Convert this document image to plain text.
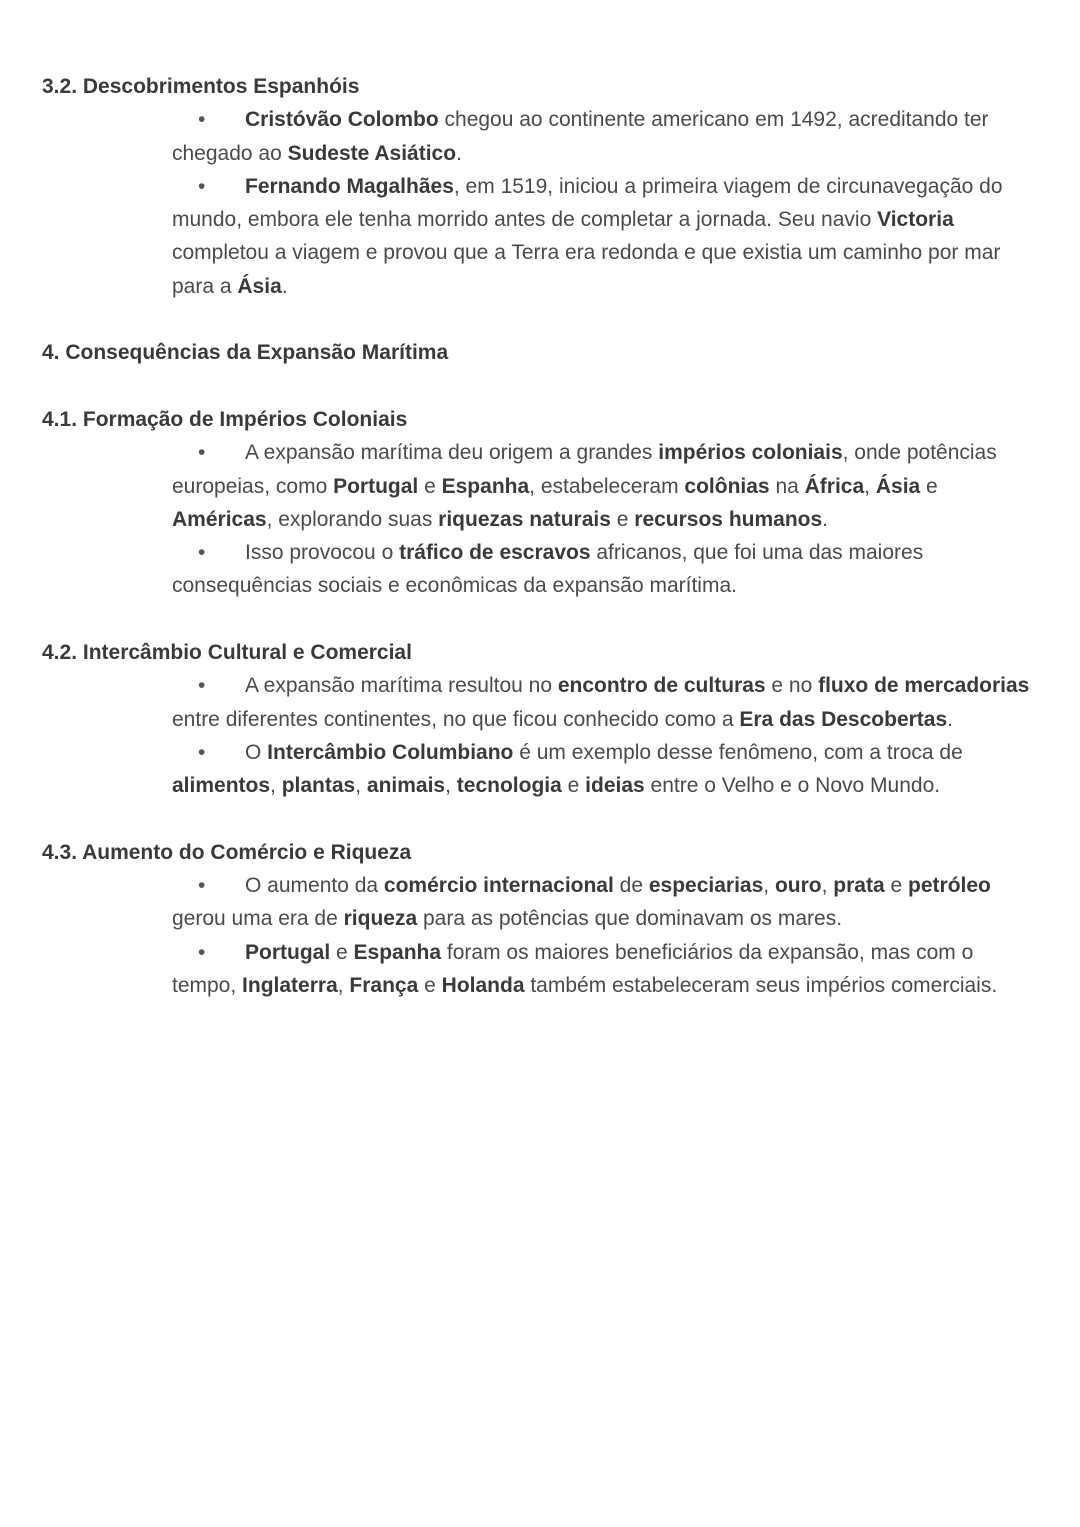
3.2. Descobrimentos Espanhóis
• Cristóvão Colombo chegou ao continente americano em 1492, acreditando ter chegado ao Sudeste Asiático.
• Fernando Magalhães, em 1519, iniciou a primeira viagem de circunavegação do mundo, embora ele tenha morrido antes de completar a jornada. Seu navio Victoria completou a viagem e provou que a Terra era redonda e que existia um caminho por mar para a Ásia.
4. Consequências da Expansão Marítima
4.1. Formação de Impérios Coloniais
• A expansão marítima deu origem a grandes impérios coloniais, onde potências europeias, como Portugal e Espanha, estabeleceram colônias na África, Ásia e Américas, explorando suas riquezas naturais e recursos humanos.
• Isso provocou o tráfico de escravos africanos, que foi uma das maiores consequências sociais e econômicas da expansão marítima.
4.2. Intercâmbio Cultural e Comercial
• A expansão marítima resultou no encontro de culturas e no fluxo de mercadorias entre diferentes continentes, no que ficou conhecido como a Era das Descobertas.
• O Intercâmbio Columbiano é um exemplo desse fenômeno, com a troca de alimentos, plantas, animais, tecnologia e ideias entre o Velho e o Novo Mundo.
4.3. Aumento do Comércio e Riqueza
• O aumento da comércio internacional de especiarias, ouro, prata e petróleo gerou uma era de riqueza para as potências que dominavam os mares.
• Portugal e Espanha foram os maiores beneficiários da expansão, mas com o tempo, Inglaterra, França e Holanda também estabeleceram seus impérios comerciais.
